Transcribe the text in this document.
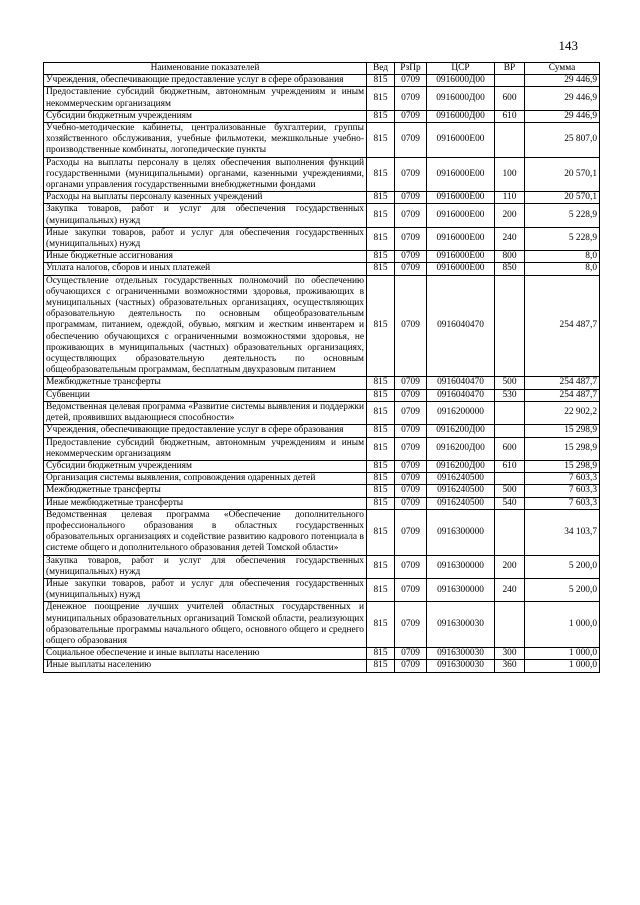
143
Наименование показателей	Вед	РзПр	ЦСР	ВР	Сумма
Учреждения, обеспечивающие предоставление услуг в сфере образования	815	0709	0916000Д00		29 446,9
Предоставление субсидий бюджетным, автономным учреждениям и иным некоммерческим организациям	815	0709	0916000Д00	600	29 446,9
Субсидии бюджетным учреждениям	815	0709	0916000Д00	610	29 446,9
Учебно-методические кабинеты, централизованные бухгалтерии, группы хозяйственного обслуживания, учебные фильмотеки, межшкольные учебно-производственные комбинаты, логопедические пункты	815	0709	0916000Е00		25 807,0
Расходы на выплаты персоналу в целях обеспечения выполнения функций государственными (муниципальными) органами, казенными учреждениями, органами управления государственными внебюджетными фондами	815	0709	0916000Е00	100	20 570,1
Расходы на выплаты персоналу казенных учреждений	815	0709	0916000Е00	110	20 570,1
Закупка товаров, работ и услуг для обеспечения государственных (муниципальных) нужд	815	0709	0916000Е00	200	5 228,9
Иные закупки товаров, работ и услуг для обеспечения государственных (муниципальных) нужд	815	0709	0916000Е00	240	5 228,9
Иные бюджетные ассигнования	815	0709	0916000Е00	800	8,0
Уплата налогов, сборов и иных платежей	815	0709	0916000Е00	850	8,0
Осуществление отдельных государственных полномочий по обеспечению обучающихся с ограниченными возможностями здоровья, проживающих в муниципальных (частных) образовательных организациях, осуществляющих образовательную деятельность по основным общеобразовательным программам, питанием, одеждой, обувью, мягким и жестким инвентарем и обеспечению обучающихся с ограниченными возможностями здоровья, не проживающих в муниципальных (частных) образовательных организациях, осуществляющих образовательную деятельность по основным общеобразовательным программам, бесплатным двухразовым питанием	815	0709	0916040470		254 487,7
Межбюджетные трансферты	815	0709	0916040470	500	254 487,7
Субвенции	815	0709	0916040470	530	254 487,7
Ведомственная целевая программа «Развитие системы выявления и поддержки детей, проявивших выдающиеся способности»	815	0709	0916200000		22 902,2
Учреждения, обеспечивающие предоставление услуг в сфере образования	815	0709	0916200Д00		15 298,9
Предоставление субсидий бюджетным, автономным учреждениям и иным некоммерческим организациям	815	0709	0916200Д00	600	15 298,9
Субсидии бюджетным учреждениям	815	0709	0916200Д00	610	15 298,9
Организация системы выявления, сопровождения одаренных детей	815	0709	0916240500		7 603,3
Межбюджетные трансферты	815	0709	0916240500	500	7 603,3
Иные межбюджетные трансферты	815	0709	0916240500	540	7 603,3
Ведомственная целевая программа «Обеспечение дополнительного профессионального образования в областных государственных образовательных организациях и содействие развитию кадрового потенциала в системе общего и дополнительного образования детей Томской области»	815	0709	0916300000		34 103,7
Закупка товаров, работ и услуг для обеспечения государственных (муниципальных) нужд	815	0709	0916300000	200	5 200,0
Иные закупки товаров, работ и услуг для обеспечения государственных (муниципальных) нужд	815	0709	0916300000	240	5 200,0
Денежное поощрение лучших учителей областных государственных и муниципальных образовательных организаций Томской области, реализующих образовательные программы начального общего, основного общего и среднего общего образования	815	0709	0916300030		1 000,0
Социальное обеспечение и иные выплаты населению	815	0709	0916300030	300	1 000,0
Иные выплаты населению	815	0709	0916300030	360	1 000,0
